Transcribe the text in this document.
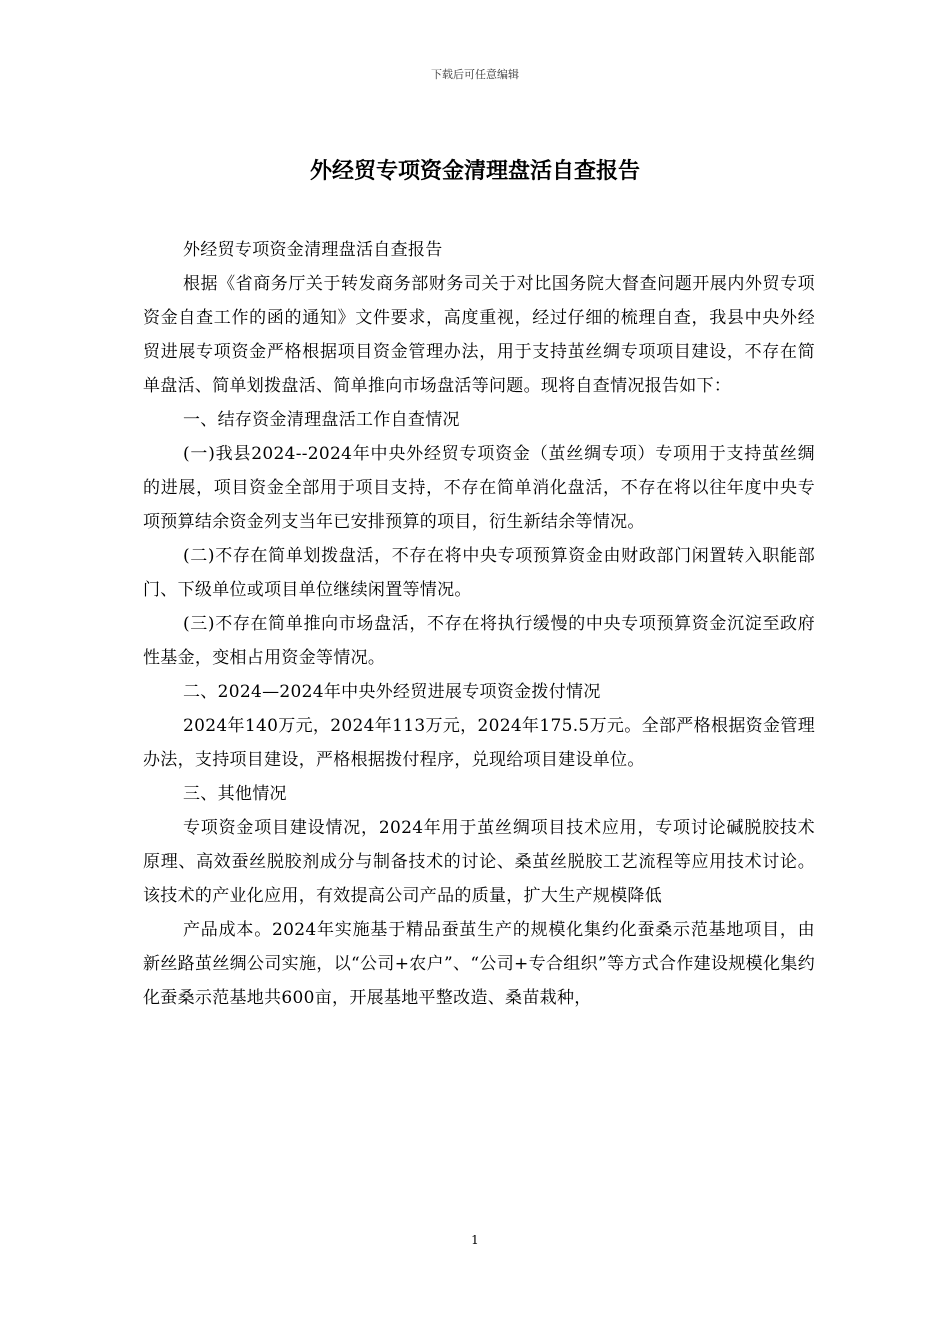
下载后可任意编辑
外经贸专项资金清理盘活自查报告

外经贸专项资金清理盘活自查报告

根据《省商务厅关于转发商务部财务司关于对比国务院大督查问题开展内外贸专项资金自查工作的函的通知》文件要求，高度重视，经过仔细的梳理自查，我县中央外经贸进展专项资金严格根据项目资金管理办法，用于支持茧丝绸专项项目建设，不存在简单盘活、简单划拨盘活、简单推向市场盘活等问题。现将自查情况报告如下：

一、结存资金清理盘活工作自查情况

(一)我县2024--2024年中央外经贸专项资金（茧丝绸专项）专项用于支持茧丝绸的进展，项目资金全部用于项目支持，不存在简单消化盘活，不存在将以往年度中央专项预算结余资金列支当年已安排预算的项目，衍生新结余等情况。

(二)不存在简单划拨盘活，不存在将中央专项预算资金由财政部门闲置转入职能部门、下级单位或项目单位继续闲置等情况。

(三)不存在简单推向市场盘活，不存在将执行缓慢的中央专项预算资金沉淀至政府性基金，变相占用资金等情况。

二、2024—2024年中央外经贸进展专项资金拨付情况

2024年140万元，2024年113万元，2024年175.5万元。全部严格根据资金管理办法，支持项目建设，严格根据拨付程序，兑现给项目建设单位。

三、其他情况

专项资金项目建设情况，2024年用于茧丝绸项目技术应用，专项讨论碱脱胶技术原理、高效蚕丝脱胶剂成分与制备技术的讨论、桑茧丝脱胶工艺流程等应用技术讨论。该技术的产业化应用，有效提高公司产品的质量，扩大生产规模降低

产品成本。2024年实施基于精品蚕茧生产的规模化集约化蚕桑示范基地项目，由新丝路茧丝绸公司实施，以“公司+农户”、“公司+专合组织”等方式合作建设规模化集约化蚕桑示范基地共600亩，开展基地平整改造、桑苗栽种，

1
